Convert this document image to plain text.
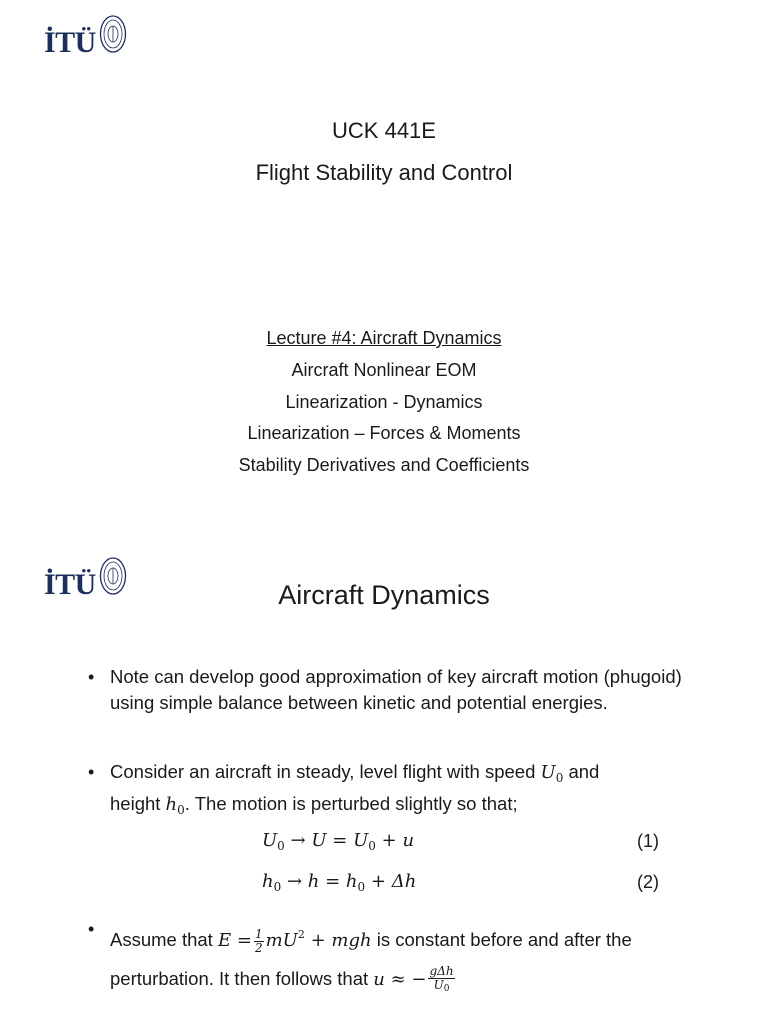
İTÜ
UCK 441E
Flight Stability and Control
Lecture #4: Aircraft Dynamics
Aircraft Nonlinear EOM
Linearization - Dynamics
Linearization – Forces & Moments
Stability Derivatives and Coefficients
İTÜ	Aircraft Dynamics
• Note can develop good approximation of key aircraft motion (phugoid) using simple balance between kinetic and potential energies.
• Consider an aircraft in steady, level flight with speed $U_0$ and
height $h_0$. The motion is perturbed slightly so that;
$U_0 \to U = U_0 + u$	(1)
$h_0 \to h = h_0 + \Delta h$	(2)
• Assume that $E = \frac{1}{2} mU^2$ + mgh is constant before and after the
perturbation. It then follows that u ≈ − $\frac{\text{gΔh}}{U_0}$
